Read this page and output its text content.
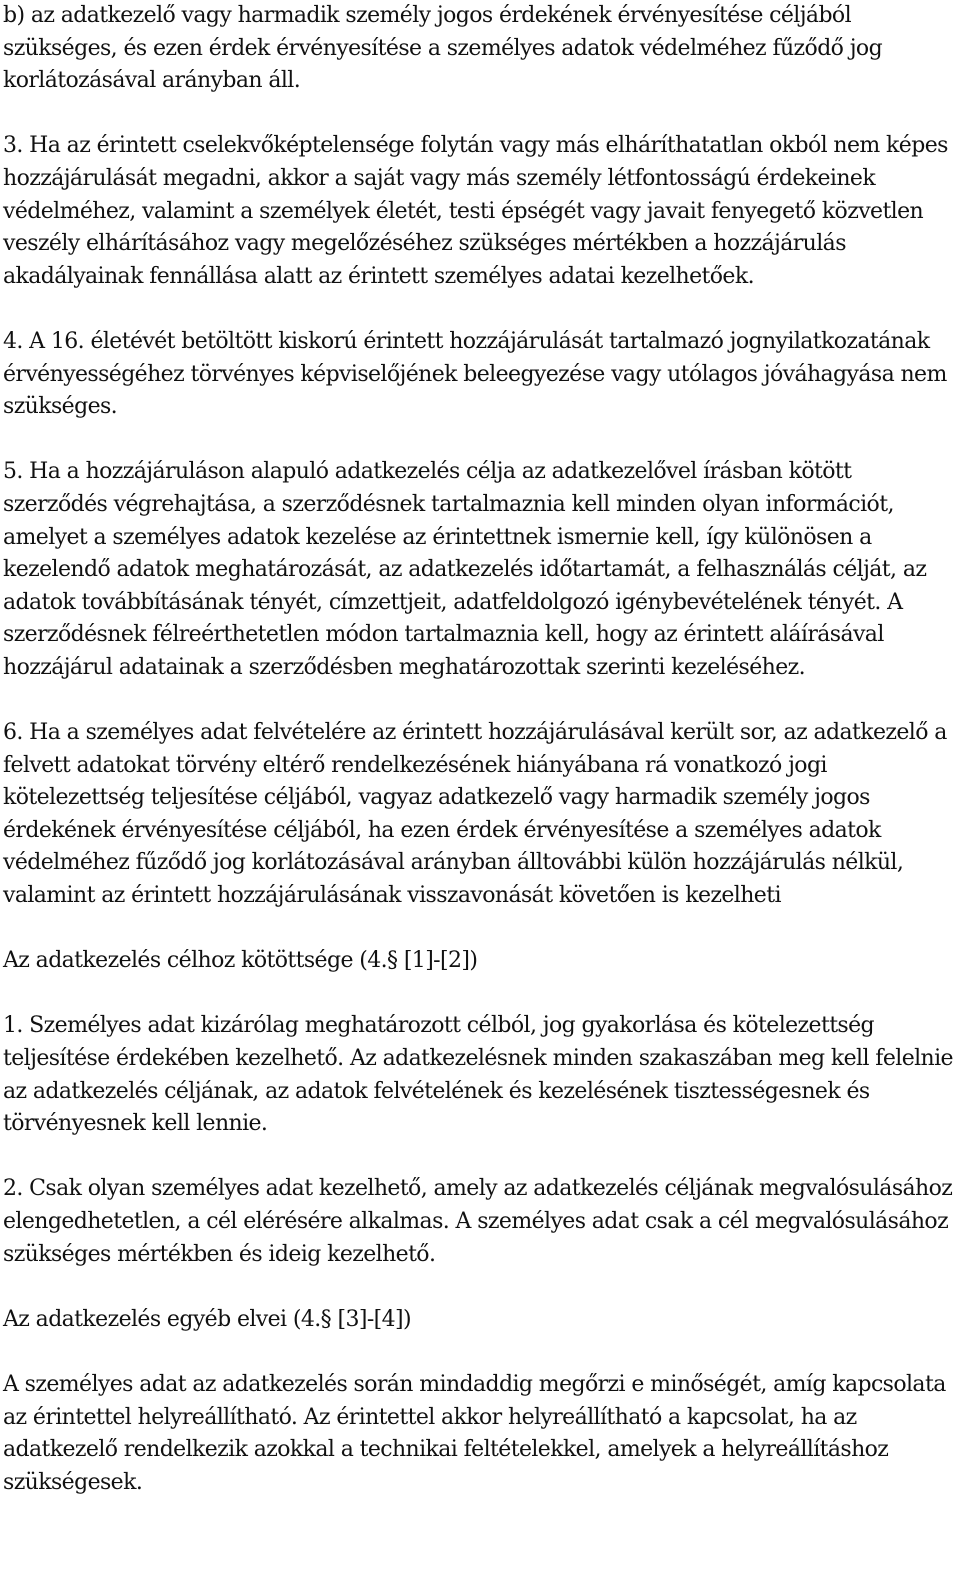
b) az adatkezelő vagy harmadik személy jogos érdekének érvényesítése céljából szükséges, és ezen érdek érvényesítése a személyes adatok védelméhez fűződő jog korlátozásával arányban áll.

3. Ha az érintett cselekvőképtelensége folytán vagy más elháríthatatlan okból nem képes hozzájárulását megadni, akkor a saját vagy más személy létfontosságú érdekeinek védelméhez, valamint a személyek életét, testi épségét vagy javait fenyegető közvetlen veszély elhárításához vagy megelőzéséhez szükséges mértékben a hozzájárulás akadályainak fennállása alatt az érintett személyes adatai kezelhetőek.

4. A 16. életévét betöltött kiskorú érintett hozzájárulását tartalmazó jognyilatkozatának érvényességéhez törvényes képviselőjének beleegyezése vagy utólagos jóváhagyása nem szükséges.

5. Ha a hozzájáruláson alapuló adatkezelés célja az adatkezelővel írásban kötött szerződés végrehajtása, a szerződésnek tartalmaznia kell minden olyan információt, amelyet a személyes adatok kezelése az érintettnek ismernie kell, így különösen a kezelendő adatok meghatározását, az adatkezelés időtartamát, a felhasználás célját, az adatok továbbításának tényét, címzettjeit, adatfeldolgozó igénybevételének tényét. A szerződésnek félreérthetetlen módon tartalmaznia kell, hogy az érintett aláírásával hozzájárul adatainak a szerződésben meghatározottak szerinti kezeléséhez.

6. Ha a személyes adat felvételére az érintett hozzájárulásával került sor, az adatkezelő a felvett adatokat törvény eltérő rendelkezésének hiányábana rá vonatkozó jogi kötelezettség teljesítése céljából, vagyaz adatkezelő vagy harmadik személy jogos érdekének érvényesítése céljából, ha ezen érdek érvényesítése a személyes adatok védelméhez fűződő jog korlátozásával arányban álltovábbi külön hozzájárulás nélkül, valamint az érintett hozzájárulásának visszavonását követően is kezelheti

Az adatkezelés célhoz kötöttsége (4.§ [1]-[2])

1. Személyes adat kizárólag meghatározott célból, jog gyakorlása és kötelezettség teljesítése érdekében kezelhető. Az adatkezelésnek minden szakaszában meg kell felelnie az adatkezelés céljának, az adatok felvételének és kezelésének tisztességesnek és törvényesnek kell lennie.

2. Csak olyan személyes adat kezelhető, amely az adatkezelés céljának megvalósulásához elengedhetetlen, a cél elérésére alkalmas. A személyes adat csak a cél megvalósulásához szükséges mértékben és ideig kezelhető.

Az adatkezelés egyéb elvei (4.§ [3]-[4])

A személyes adat az adatkezelés során mindaddig megőrzi e minőségét, amíg kapcsolata az érintettel helyreállítható. Az érintettel akkor helyreállítható a kapcsolat, ha az adatkezelő rendelkezik azokkal a technikai feltételekkel, amelyek a helyreállításhoz szükségesek.
